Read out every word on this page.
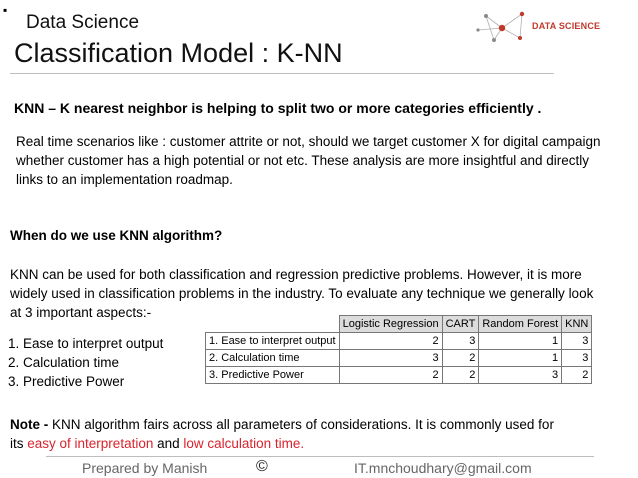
▪
Data Science
Classification Model : K-NN
DATA SCIENCE
KNN – K nearest neighbor is helping to split two or more categories efficiently .
Real time scenarios like : customer attrite or not, should we target customer X for digital campaign
whether customer has a high potential or not etc. These analysis are more insightful and directly
links to an implementation roadmap.
When do we use KNN algorithm?
KNN can be used for both classification and regression predictive problems. However, it is more
widely used in classification problems in the industry. To evaluate any technique we generally look
at 3 important aspects:-
1. Ease to interpret output
2. Calculation time
3. Predictive Power
	Logistic Regression	CART	Random Forest	KNN
1. Ease to interpret output	2	3	1	3
2. Calculation time	3	2	1	3
3. Predictive Power	2	2	3	2
Note - KNN algorithm fairs across all parameters of considerations. It is commonly used for
its easy of interpretation and low calculation time.
Prepared by Manish	©	IT.mnchoudhary@gmail.com
